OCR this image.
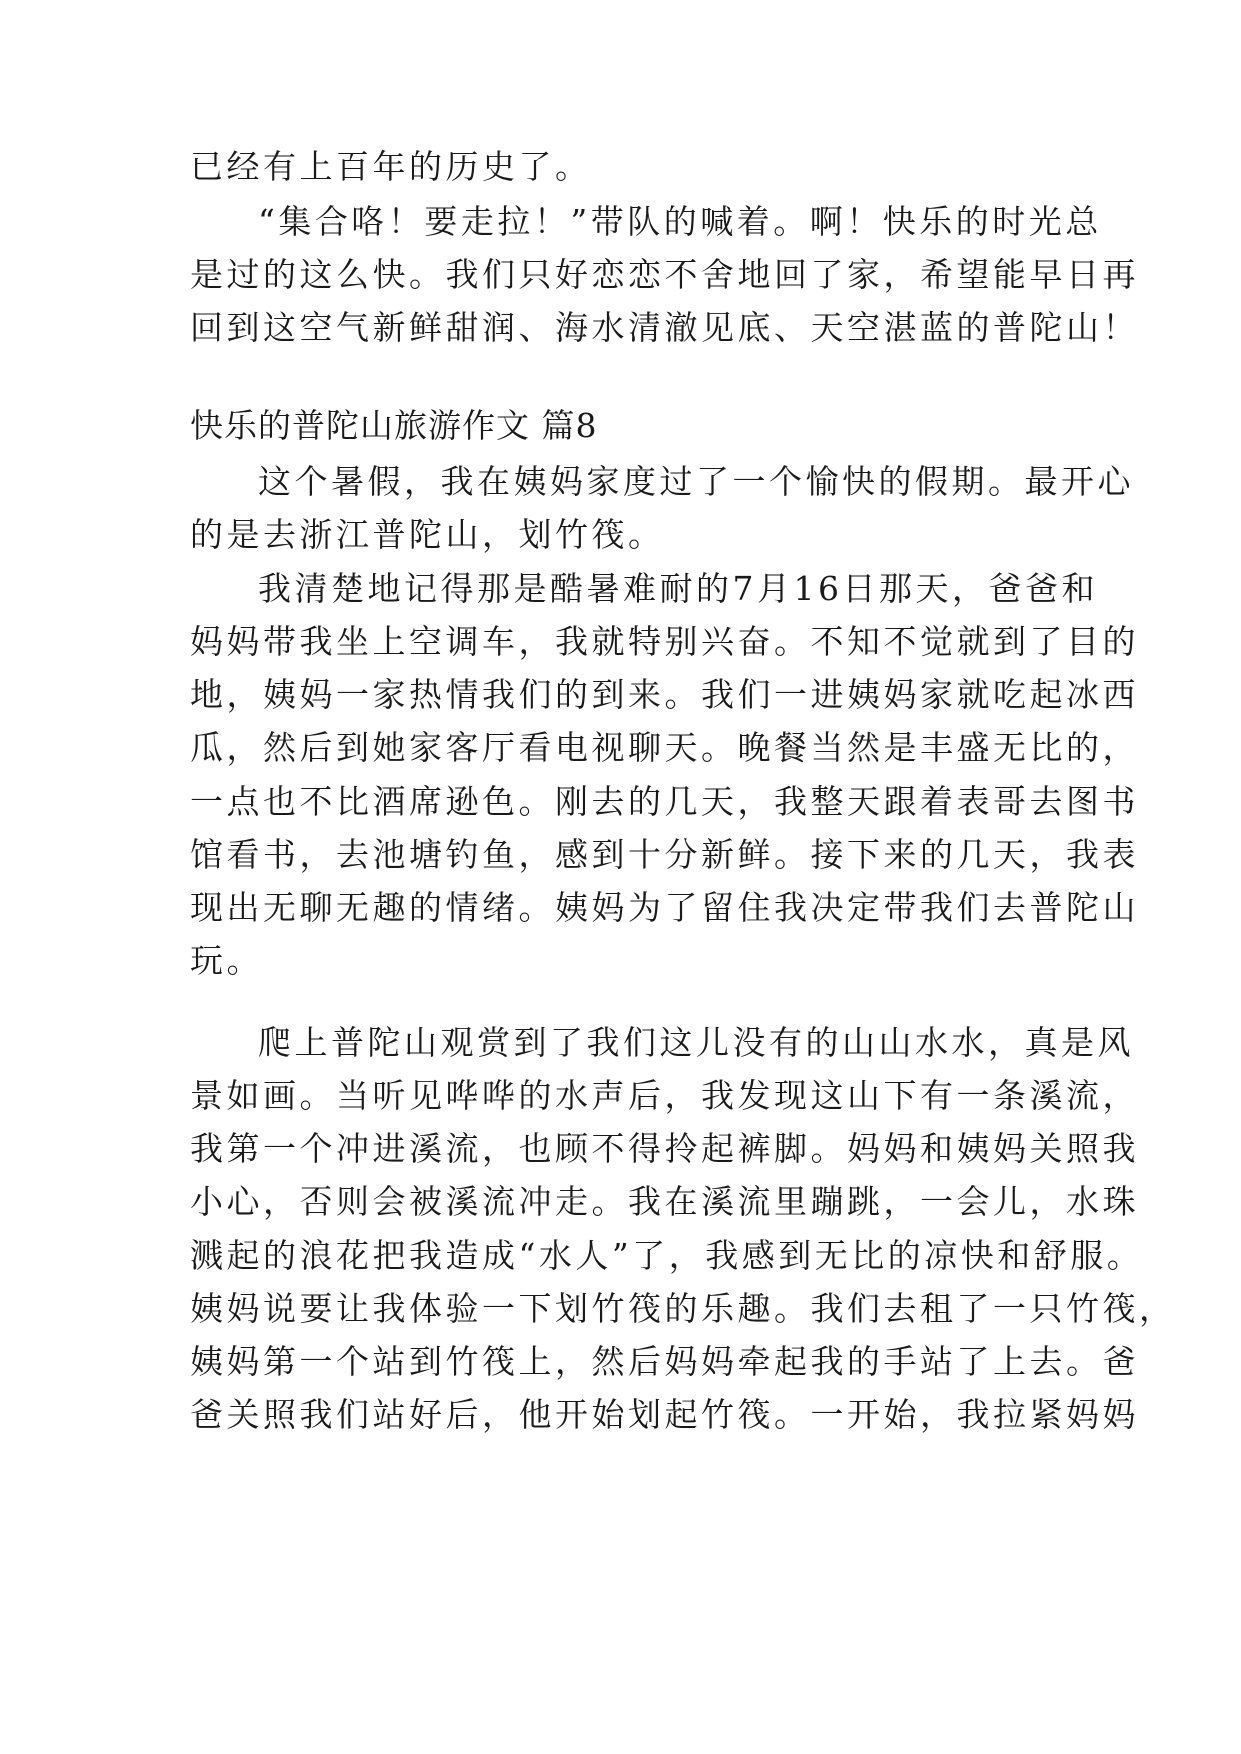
已经有上百年的历史了。
“集合咯！要走拉！”带队的喊着。啊！快乐的时光总
是过的这么快。我们只好恋恋不舍地回了家，希望能早日再
回到这空气新鲜甜润、海水清澈见底、天空湛蓝的普陀山！
快乐的普陀山旅游作文 篇8
这个暑假，我在姨妈家度过了一个愉快的假期。最开心
的是去浙江普陀山，划竹筏。
我清楚地记得那是酷暑难耐的7月16日那天，爸爸和
妈妈带我坐上空调车，我就特别兴奋。不知不觉就到了目的
地，姨妈一家热情我们的到来。我们一进姨妈家就吃起冰西
瓜，然后到她家客厅看电视聊天。晚餐当然是丰盛无比的，
一点也不比酒席逊色。刚去的几天，我整天跟着表哥去图书
馆看书，去池塘钓鱼，感到十分新鲜。接下来的几天，我表
现出无聊无趣的情绪。姨妈为了留住我决定带我们去普陀山
玩。
爬上普陀山观赏到了我们这儿没有的山山水水，真是风
景如画。当听见哗哗的水声后，我发现这山下有一条溪流，
我第一个冲进溪流，也顾不得拎起裤脚。妈妈和姨妈关照我
小心，否则会被溪流冲走。我在溪流里蹦跳，一会儿，水珠
溅起的浪花把我造成“水人”了，我感到无比的凉快和舒服。
姨妈说要让我体验一下划竹筏的乐趣。我们去租了一只竹筏，
姨妈第一个站到竹筏上，然后妈妈牵起我的手站了上去。爸
爸关照我们站好后，他开始划起竹筏。一开始，我拉紧妈妈
